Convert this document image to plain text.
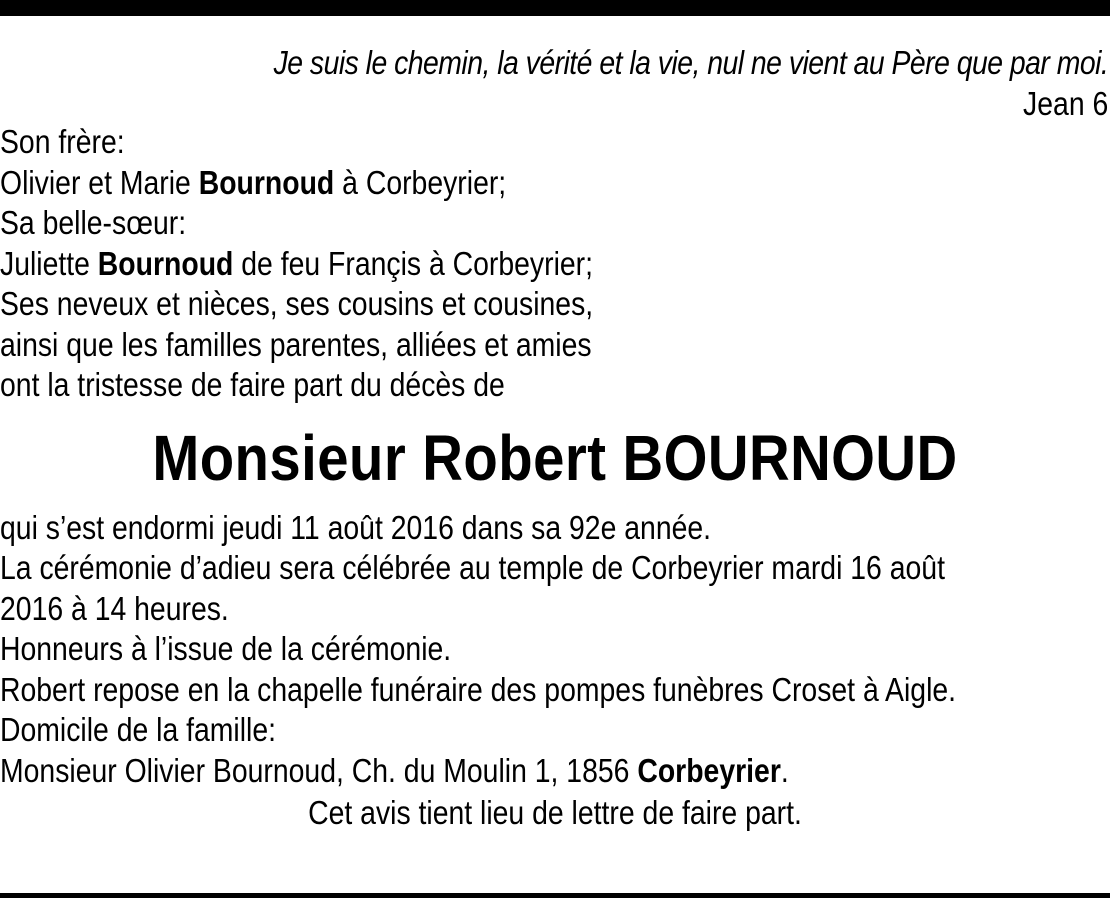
Je suis le chemin, la vérité et la vie, nul ne vient au Père que par moi.

Jean 6

Son frère:
Olivier et Marie Bournoud à Corbeyrier;
Sa belle-sœur:
Juliette Bournoud de feu Françis à Corbeyrier;
Ses neveux et nièces, ses cousins et cousines,
ainsi que les familles parentes, alliées et amies
ont la tristesse de faire part du décès de
Monsieur Robert BOURNOUD
qui s’est endormi jeudi 11 août 2016 dans sa 92e année.
La cérémonie d’adieu sera célébrée au temple de Corbeyrier mardi 16 août
2016 à 14 heures.
Honneurs à l’issue de la cérémonie.
Robert repose en la chapelle funéraire des pompes funèbres Croset à Aigle.
Domicile de la famille:
Monsieur Olivier Bournoud, Ch. du Moulin 1, 1856 Corbeyrier.
Cet avis tient lieu de lettre de faire part.
